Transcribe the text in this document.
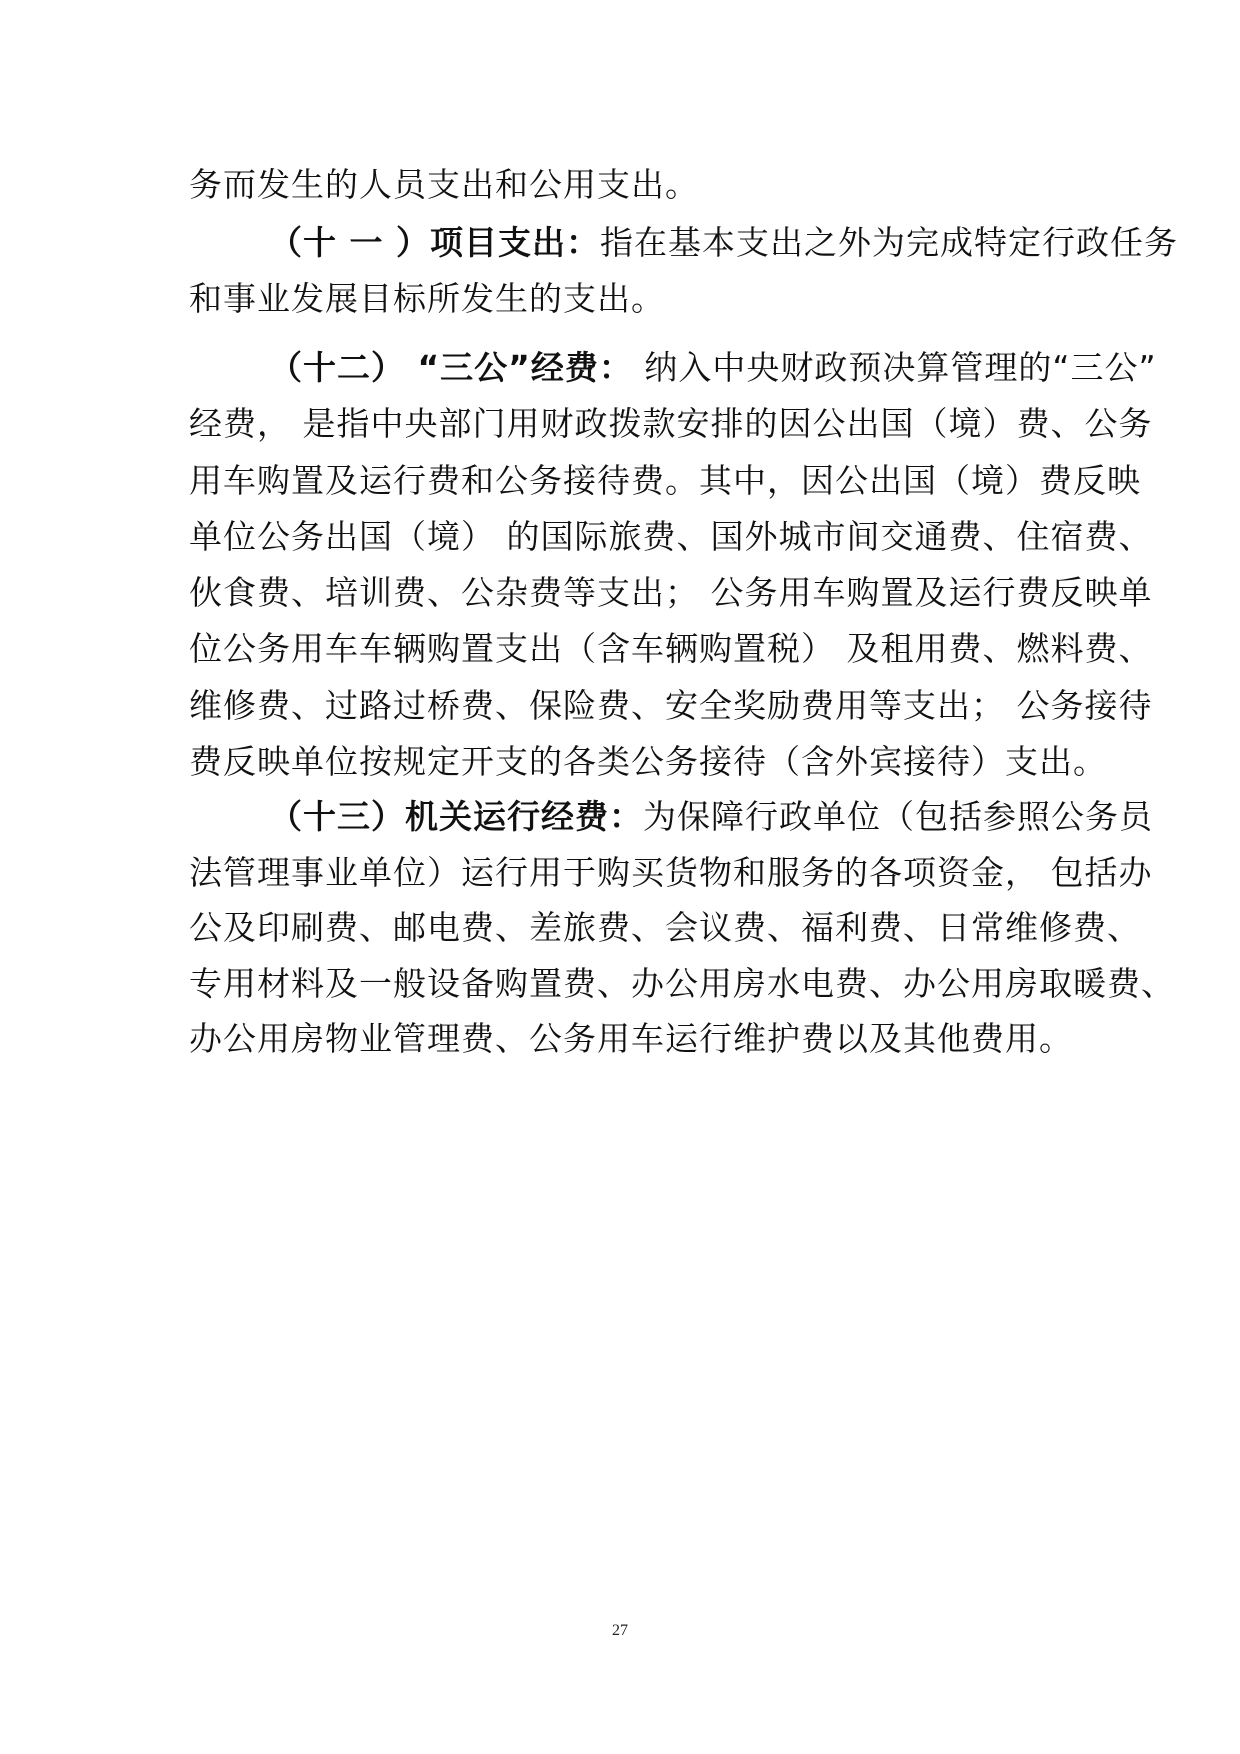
务而发生的人员支出和公用支出。
（十 一 ）项目支出：指在基本支出之外为完成特定行政任务
和事业发展目标所发生的支出。
（十二） “三公”经费： 纳入中央财政预决算管理的“三公”
经费， 是指中央部门用财政拨款安排的因公出国（境）费、公务
用车购置及运行费和公务接待费。其中，因公出国（境）费反映
单位公务出国（境） 的国际旅费、国外城市间交通费、住宿费、
伙食费、培训费、公杂费等支出； 公务用车购置及运行费反映单
位公务用车车辆购置支出（含车辆购置税） 及租用费、燃料费、
维修费、过路过桥费、保险费、安全奖励费用等支出； 公务接待
费反映单位按规定开支的各类公务接待（含外宾接待）支出。
（十三）机关运行经费：为保障行政单位（包括参照公务员
法管理事业单位）运行用于购买货物和服务的各项资金， 包括办
公及印刷费、邮电费、差旅费、会议费、福利费、日常维修费、
专用材料及一般设备购置费、办公用房水电费、办公用房取暖费、
办公用房物业管理费、公务用车运行维护费以及其他费用。
27
